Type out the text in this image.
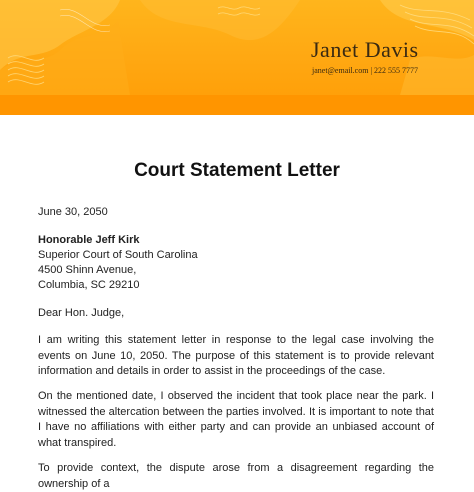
Janet Davis
janet@email.com | 222 555 7777
Court Statement Letter
June 30, 2050
Honorable Jeff Kirk
Superior Court of South Carolina
4500 Shinn Avenue,
Columbia, SC 29210
Dear Hon. Judge,
I am writing this statement letter in response to the legal case involving the events on June 10, 2050. The purpose of this statement is to provide relevant information and details in order to assist in the proceedings of the case.
On the mentioned date, I observed the incident that took place near the park. I witnessed the altercation between the parties involved. It is important to note that I have no affiliations with either party and can provide an unbiased account of what transpired.
To provide context, the dispute arose from a disagreement regarding the ownership of a
